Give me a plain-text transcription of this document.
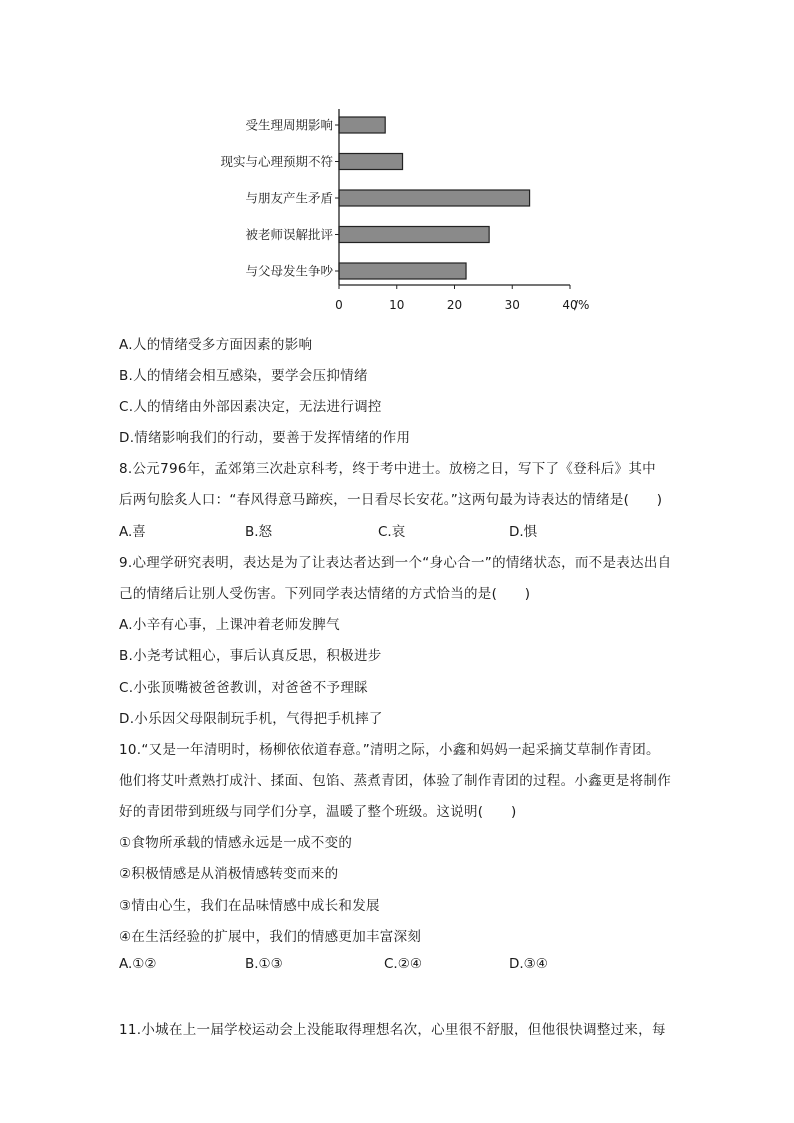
受生理周期影响
现实与心理预期不符
与朋友产生矛盾
被老师误解批评
与父母发生争吵
0	10	20	30	40
/%
A.人的情绪受多方面因素的影响
B.人的情绪会相互感染，要学会压抑情绪
C.人的情绪由外部因素决定，无法进行调控
D.情绪影响我们的行动，要善于发挥情绪的作用
8.公元796年，孟郊第三次赴京科考，终于考中进士。放榜之日，写下了《登科后》其中
后两句脍炙人口：“春风得意马蹄疾，一日看尽长安花。”这两句最为诗表达的情绪是(　　)
A.喜	B.怒	C.哀	D.惧
9.心理学研究表明，表达是为了让表达者达到一个“身心合一”的情绪状态，而不是表达出自
己的情绪后让别人受伤害。下列同学表达情绪的方式恰当的是(　　)
A.小辛有心事，上课冲着老师发脾气
B.小尧考试粗心，事后认真反思，积极进步
C.小张顶嘴被爸爸教训，对爸爸不予理睬
D.小乐因父母限制玩手机，气得把手机摔了
10.“又是一年清明时，杨柳依依道春意。”清明之际，小鑫和妈妈一起采摘艾草制作青团。
他们将艾叶煮熟打成汁、揉面、包馅、蒸煮青团，体验了制作青团的过程。小鑫更是将制作
好的青团带到班级与同学们分享，温暖了整个班级。这说明(　　)
①食物所承载的情感永远是一成不变的
②积极情感是从消极情感转变而来的
③情由心生，我们在品味情感中成长和发展
④在生活经验的扩展中，我们的情感更加丰富深刻
A.①②	B.①③	C.②④	D.③④
11.小城在上一届学校运动会上没能取得理想名次，心里很不舒服，但他很快调整过来，每
